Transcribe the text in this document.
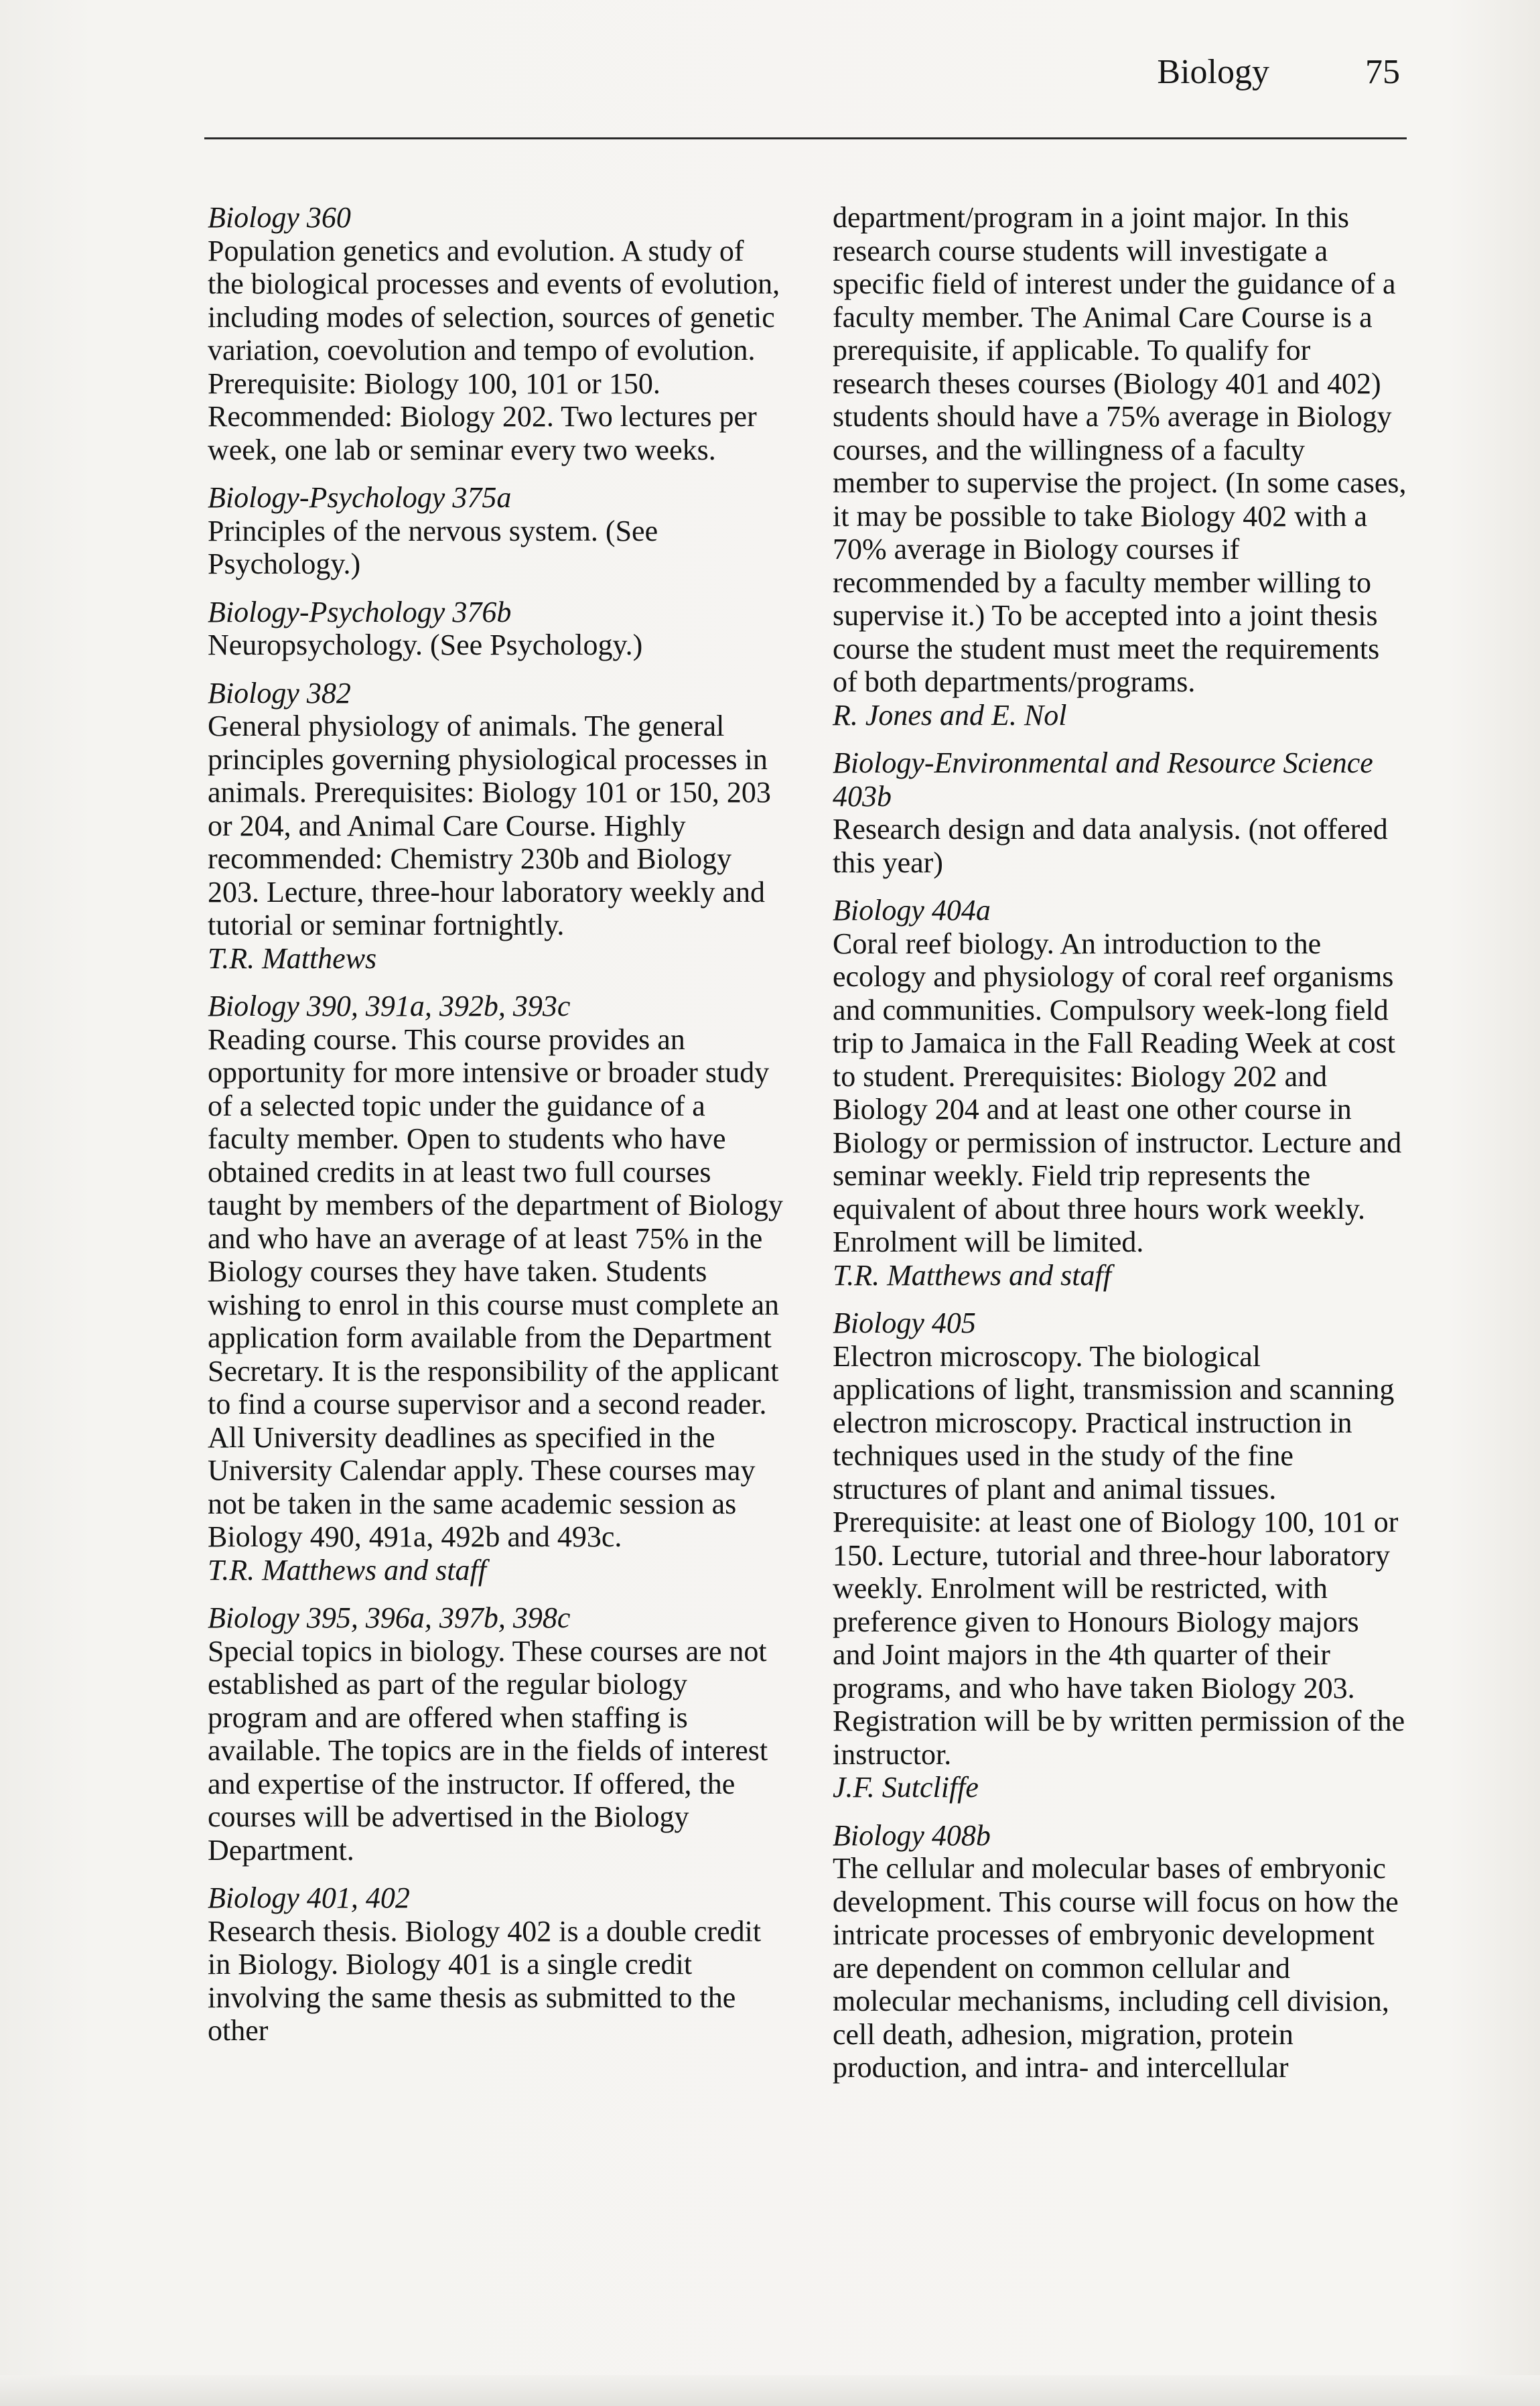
Biology	75
Biology 360
Population genetics and evolution. A study of the biological processes and events of evolution, including modes of selection, sources of genetic variation, coevolution and tempo of evolution. Prerequisite: Biology 100, 101 or 150. Recommended: Biology 202. Two lectures per week, one lab or seminar every two weeks.
Biology-Psychology 375a
Principles of the nervous system. (See Psychology.)
Biology-Psychology 376b
Neuropsychology. (See Psychology.)
Biology 382
General physiology of animals. The general principles governing physiological processes in animals. Prerequisites: Biology 101 or 150, 203 or 204, and Animal Care Course. Highly recommended: Chemistry 230b and Biology 203. Lecture, three-hour laboratory weekly and tutorial or seminar fortnightly.
T.R. Matthews
Biology 390, 391a, 392b, 393c
Reading course. This course provides an opportunity for more intensive or broader study of a selected topic under the guidance of a faculty member. Open to students who have obtained credits in at least two full courses taught by members of the department of Biology and who have an average of at least 75% in the Biology courses they have taken. Students wishing to enrol in this course must complete an application form available from the Department Secretary. It is the responsibility of the applicant to find a course supervisor and a second reader. All University deadlines as specified in the University Calendar apply. These courses may not be taken in the same academic session as Biology 490, 491a, 492b and 493c.
T.R. Matthews and staff
Biology 395, 396a, 397b, 398c
Special topics in biology. These courses are not established as part of the regular biology program and are offered when staffing is available. The topics are in the fields of interest and expertise of the instructor. If offered, the courses will be advertised in the Biology Department.
Biology 401, 402
Research thesis. Biology 402 is a double credit in Biology. Biology 401 is a single credit involving the same thesis as submitted to the other
department/program in a joint major. In this research course students will investigate a specific field of interest under the guidance of a faculty member. The Animal Care Course is a prerequisite, if applicable. To qualify for research theses courses (Biology 401 and 402) students should have a 75% average in Biology courses, and the willingness of a faculty member to supervise the project. (In some cases, it may be possible to take Biology 402 with a 70% average in Biology courses if recommended by a faculty member willing to supervise it.) To be accepted into a joint thesis course the student must meet the requirements of both departments/programs.
R. Jones and E. Nol
Biology-Environmental and Resource Science 403b
Research design and data analysis. (not offered this year)
Biology 404a
Coral reef biology. An introduction to the ecology and physiology of coral reef organisms and communities. Compulsory week-long field trip to Jamaica in the Fall Reading Week at cost to student. Prerequisites: Biology 202 and Biology 204 and at least one other course in Biology or permission of instructor. Lecture and seminar weekly. Field trip represents the equivalent of about three hours work weekly. Enrolment will be limited.
T.R. Matthews and staff
Biology 405
Electron microscopy. The biological applications of light, transmission and scanning electron microscopy. Practical instruction in techniques used in the study of the fine structures of plant and animal tissues. Prerequisite: at least one of Biology 100, 101 or 150. Lecture, tutorial and three-hour laboratory weekly. Enrolment will be restricted, with preference given to Honours Biology majors and Joint majors in the 4th quarter of their programs, and who have taken Biology 203. Registration will be by written permission of the instructor.
J.F. Sutcliffe
Biology 408b
The cellular and molecular bases of embryonic development. This course will focus on how the intricate processes of embryonic development are dependent on common cellular and molecular mechanisms, including cell division, cell death, adhesion, migration, protein production, and intra- and intercellular
